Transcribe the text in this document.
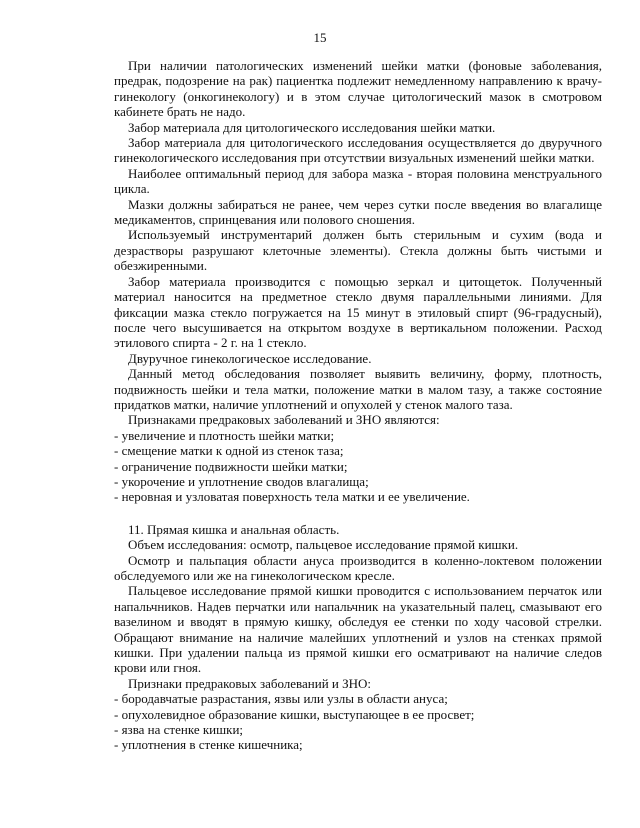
15

При наличии патологических изменений шейки матки (фоновые заболевания, предрак, подозрение на рак) пациентка подлежит немедленному направлению к врачу-гинекологу (онкогинекологу) и в этом случае цитологический мазок в смотровом кабинете брать не надо.

Забор материала для цитологического исследования шейки матки.

Забор материала для цитологического исследования осуществляется до двуручного гинекологического исследования при отсутствии визуальных изменений шейки матки.

Наиболее оптимальный период для забора мазка - вторая половина менструального цикла.

Мазки должны забираться не ранее, чем через сутки после введения во влагалище медикаментов, спринцевания или полового сношения.

Используемый инструментарий должен быть стерильным и сухим (вода и дезрастворы разрушают клеточные элементы). Стекла должны быть чистыми и обезжиренными.

Забор материала производится с помощью зеркал и цитощеток. Полученный материал наносится на предметное стекло двумя параллельными линиями. Для фиксации мазка стекло погружается на 15 минут в этиловый спирт (96-градусный), после чего высушивается на открытом воздухе в вертикальном положении. Расход этилового спирта - 2 г. на 1 стекло.

Двуручное гинекологическое исследование.

Данный метод обследования позволяет выявить величину, форму, плотность, подвижность шейки и тела матки, положение матки в малом тазу, а также состояние придатков матки, наличие уплотнений и опухолей у стенок малого таза.

Признаками предраковых заболеваний и ЗНО являются:

- увеличение и плотность шейки матки;

- смещение матки к одной из стенок таза;

- ограничение подвижности шейки матки;

- укорочение и уплотнение сводов влагалища;

- неровная и узловатая поверхность тела матки и ее увеличение.

11. Прямая кишка и анальная область.

Объем исследования: осмотр, пальцевое исследование прямой кишки.

Осмотр и пальпация области ануса производится в коленно-локтевом положении обследуемого или же на гинекологическом кресле.

Пальцевое исследование прямой кишки проводится с использованием перчаток или напальчников. Надев перчатки или напальчник на указательный палец, смазывают его вазелином и вводят в прямую кишку, обследуя ее стенки по ходу часовой стрелки. Обращают внимание на наличие малейших уплотнений и узлов на стенках прямой кишки. При удалении пальца из прямой кишки его осматривают на наличие следов крови или гноя.

Признаки предраковых заболеваний и ЗНО:

- бородавчатые разрастания, язвы или узлы в области ануса;

- опухолевидное образование кишки, выступающее в ее просвет;

- язва на стенке кишки;

- уплотнения в стенке кишечника;
